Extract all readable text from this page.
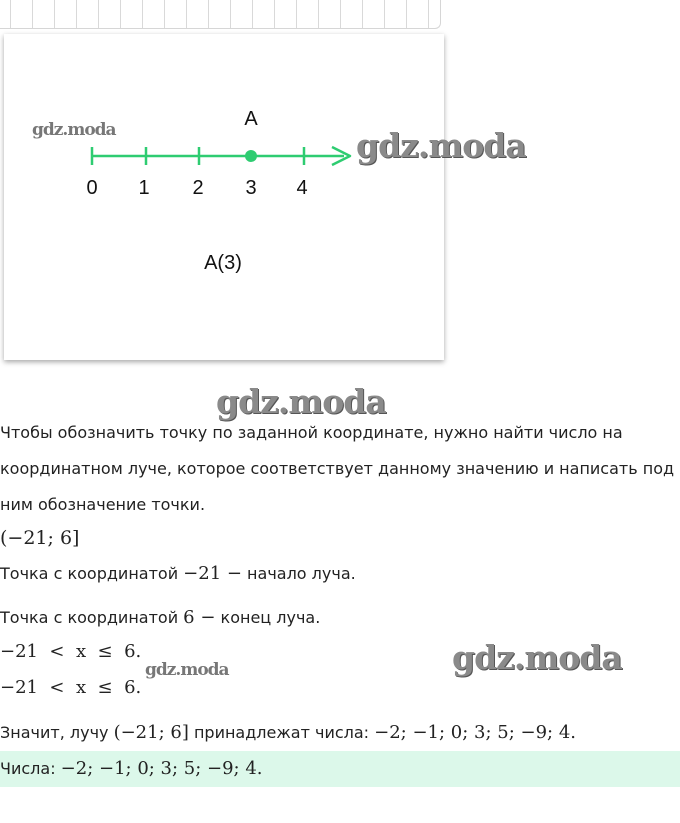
A
0 1 2 3 4
A(3)
gdz.moda	gdz.moda
gdz.moda
Чтобы обозначить точку по заданной координате, нужно найти число на
координатном луче, которое соответствует данному значению и написать под
ним обозначение точки.
(−21; 6]
Точка с координатой −21 − начало луча.
Точка с координатой 6 − конец луча.
−21  <  x  ≤  6.
−21  <  x  ≤  6.
gdz.moda	gdz.moda
Значит, лучу (−21; 6] принадлежат числа: −2; −1; 0; 3; 5; −9; 4.
Числа: −2; −1; 0; 3; 5; −9; 4.
